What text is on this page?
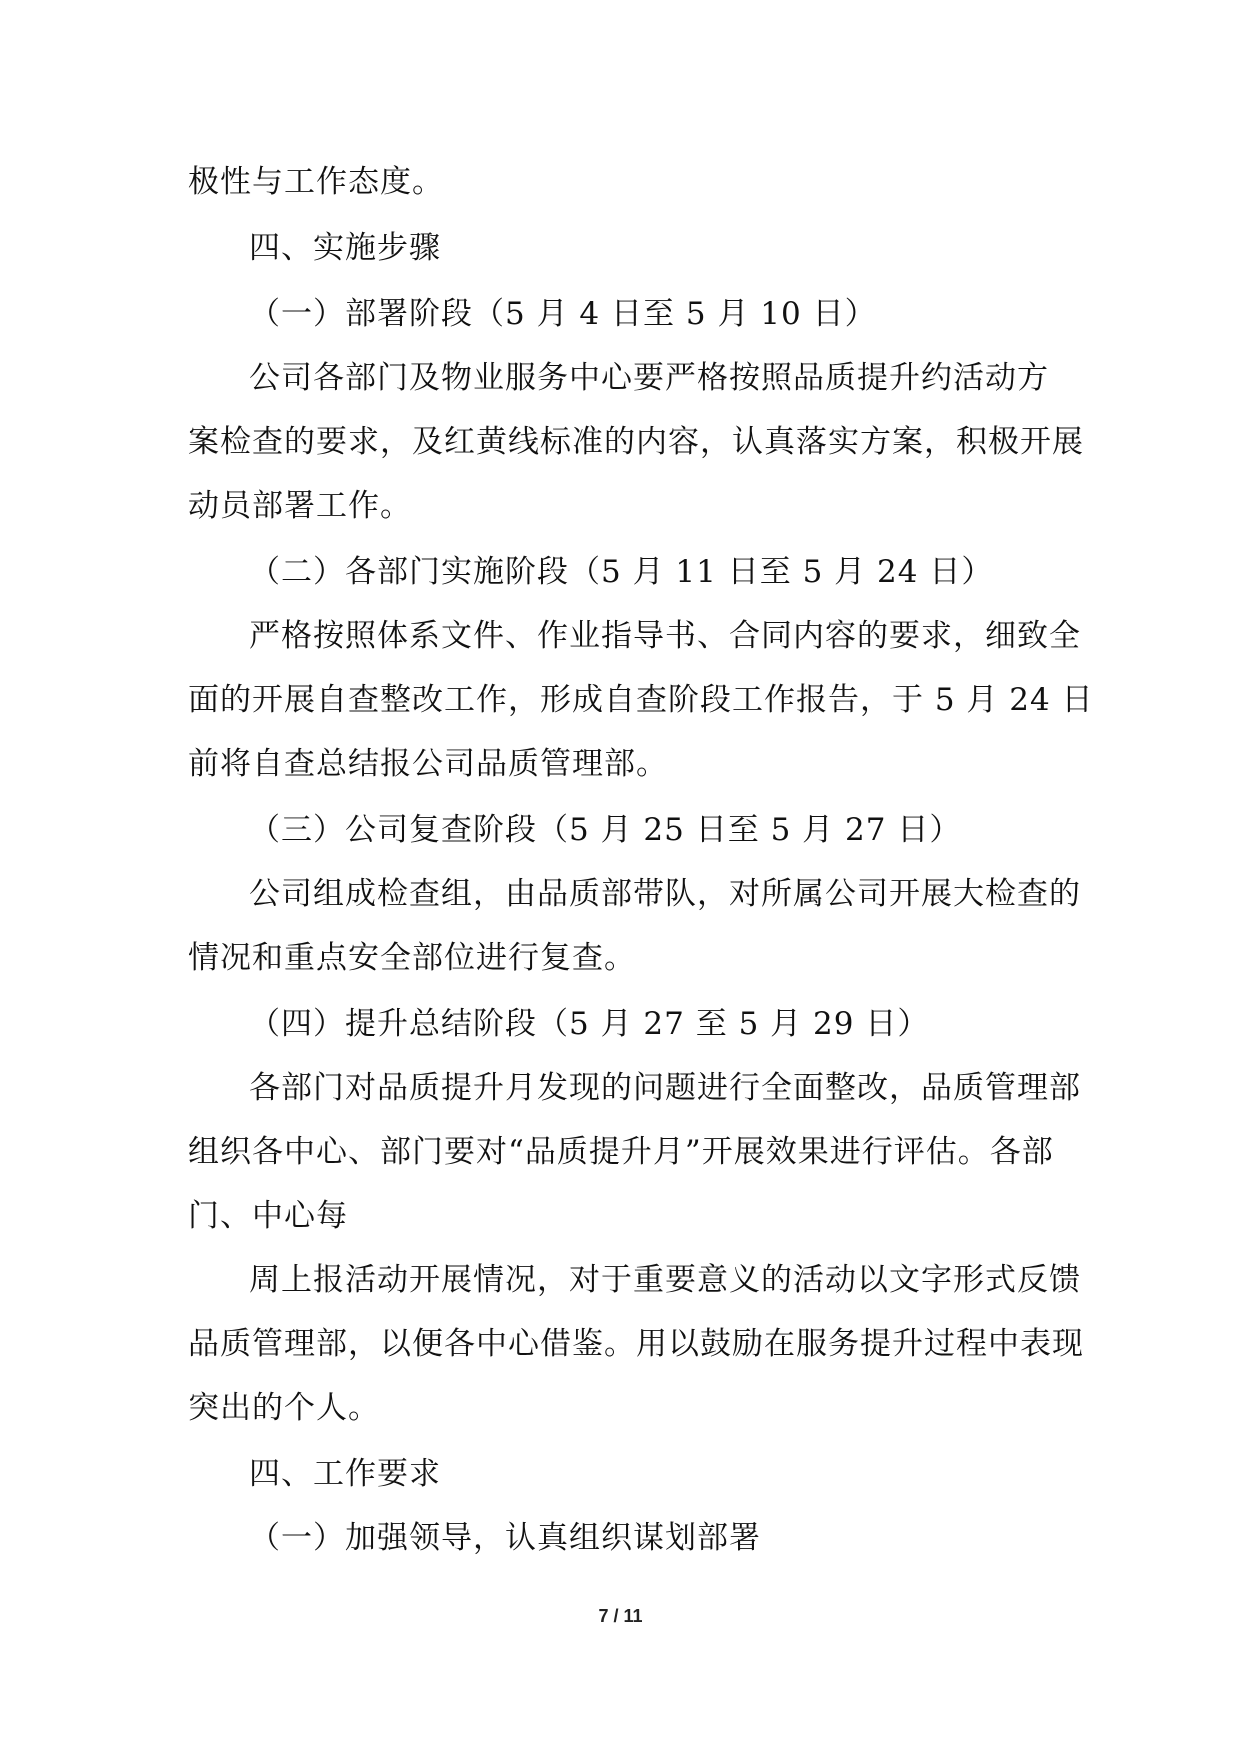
极性与工作态度。
四、实施步骤
（一）部署阶段（5 月 4 日至 5 月 10 日）
公司各部门及物业服务中心要严格按照品质提升约活动方
案检查的要求，及红黄线标准的内容，认真落实方案，积极开展
动员部署工作。
（二）各部门实施阶段（5 月 11 日至 5 月 24 日）
严格按照体系文件、作业指导书、合同内容的要求，细致全
面的开展自查整改工作，形成自查阶段工作报告，于 5 月 24 日
前将自查总结报公司品质管理部。
（三）公司复查阶段（5 月 25 日至 5 月 27 日）
公司组成检查组，由品质部带队，对所属公司开展大检查的
情况和重点安全部位进行复查。
（四）提升总结阶段（5 月 27 至 5 月 29 日）
各部门对品质提升月发现的问题进行全面整改，品质管理部
组织各中心、部门要对“品质提升月”开展效果进行评估。各部
门、中心每
周上报活动开展情况，对于重要意义的活动以文字形式反馈
品质管理部，以便各中心借鉴。用以鼓励在服务提升过程中表现
突出的个人。
四、工作要求
（一）加强领导，认真组织谋划部署
7 / 11
